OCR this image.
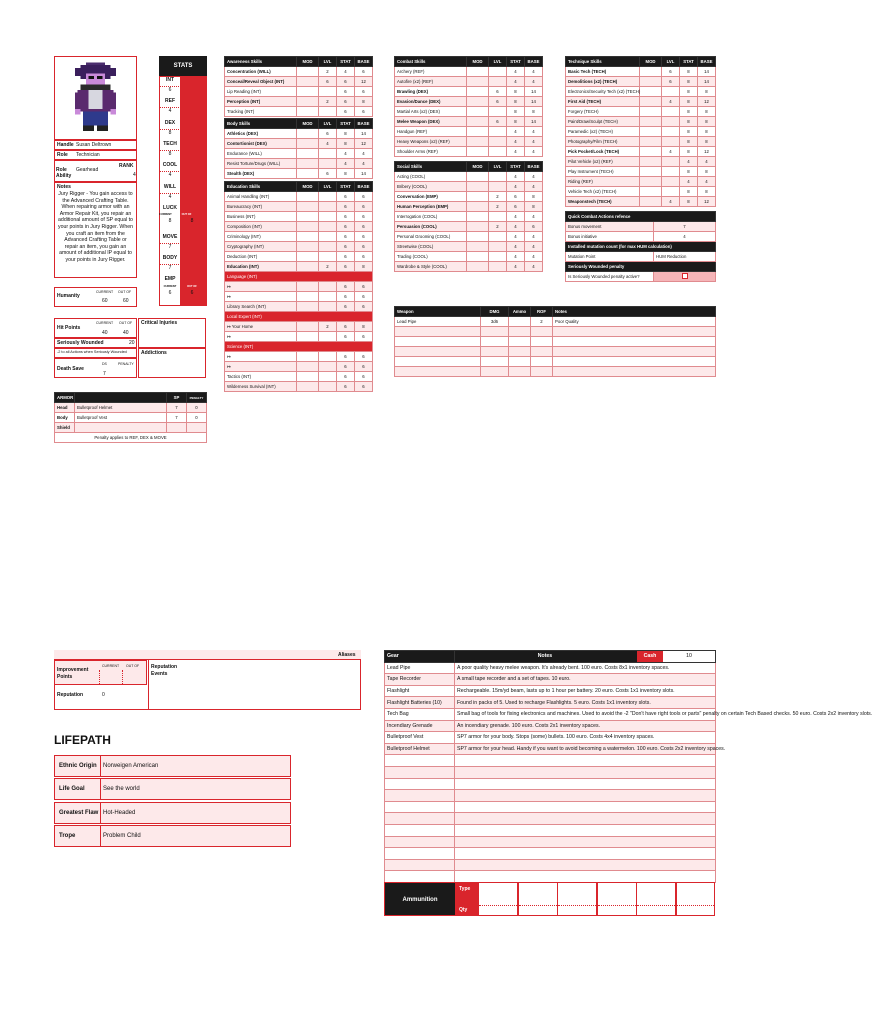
Handle Susan Deltrown
Role	Technician
Role Ability
Gearhead
RANK
4
Notes
Jury Rigger - You gain access to the Advanced Crafting Table. When repairing armor with an Armor Repair Kit, you repair an additional amount of SP equal to your points in Jury Rigger. When you craft an item from the Advanced Crafting Table or repair an item, you gain an amount of additional IP equal to your points in Jury Rigger.
Humanity
CURRENT OUT OF
60	60
Hit Points
CURRENT OUT OF
40	40
Seriously Wounded	20
-2 to all Actions when Seriously Wounded
Death Save
DS	PENALTY
7
Critical Injuries
Addictions
ARMOR		SP	PENALTY
Head	Bulletproof Helmet	7	0
Body	Bulletproof Vest	7	0
Shield			
Penalty applies to REF, DEX & MOVE			
STATS
INT
6
REF
4
DEX
8
TECH
8
COOL
4
WILL
4
LUCK
CURRENT	OUT OF
8	8
MOVE
7
BODY
7
EMP
CURRENT	OUT OF
6	6
Awareness Skills	MOD	LVL	STAT	BASE
Concentration (WILL)		2	4	6
Conceal/Reveal Object (INT)		6	6	12
Lip Reading (INT)			6	6
Perception (INT)		2	6	8
Tracking (INT)			6	6
Body Skills	MOD	LVL	STAT	BASE
Athletics (DEX)		6	8	14
Contortionist (DEX)		4	8	12
Endurance (WILL)			4	4
Resist Torture/Drugs (WILL)			4	4
Stealth (DEX)		6	8	14
Education Skills	MOD	LVL	STAT	BASE
Animal Handling (INT)			6	6
Bureaucracy (INT)			6	6
Business (INT)			6	6
Composition (INT)			6	6
Criminology (INT)			6	6
Cryptography (INT)			6	6
Deduction (INT)			6	6
Education (INT)		2	6	8
Language (INT)				
↦			6	6
↦			6	6
Library Search (INT)			6	6
Local Expert (INT)				
↦ Your Home		2	6	8
↦			6	6
Science (INT)				
↦			6	6
↦			6	6
Tactics (INT)			6	6
Wilderness Survival (INT)			6	6
Combat Skills	MOD	LVL	STAT	BASE
Archery (REF)			4	4
Autofire (x2) (REF)			4	4
Brawling (DEX)		6	8	14
Evasion/Dance (DEX)		6	8	14
Martial Arts (x2) (DEX)			8	8
Melee Weapon (DEX)		6	8	14
Handgun (REF)			4	4
Heavy Weapons (x2) (REF)			4	4
Shoulder Arms (REF)			4	4
Social Skills	MOD	LVL	STAT	BASE
Acting (COOL)			4	4
Bribery (COOL)			4	4
Conversation (EMP)		2	6	8
Human Perception (EMP)		2	6	8
Interrogation (COOL)			4	4
Persuasion (COOL)		2	4	6
Personal Grooming (COOL)			4	4
Streetwise (COOL)			4	4
Trading (COOL)			4	4
Wardrobe & Style (COOL)			4	4
Technique Skills	MOD	LVL	STAT	BASE
Basic Tech (TECH)		6	8	14
Demolitions (x2) (TECH)		6	8	14
Electronics/Security Tech (x2) (TECH)			8	8
First Aid (TECH)		4	8	12
Forgery (TECH)			8	8
Paint/Draw/Sculpt (TECH)			8	8
Paramedic (x2) (TECH)			8	8
Photography/Film (TECH)			8	8
Pick Pocket/Lock (TECH)		4	8	12
Pilot Vehicle (x2) (REF)			4	4
Play Instrument (TECH)			8	8
Riding (REF)			4	4
Vehicle Tech (x2) (TECH)			8	8
Weaponstech (TECH)		4	8	12
Quick Combat Actions refence	
Bonus movement	7
Bonus initiative	4
Installed mutation count (for max HUM calculation)	
Mutation Point	HUM Reduction
Seriously Wounded penalty	
Is Seriously Wounded penalty active?	
Weapon	DMG	Ammo	ROF	Notes
Lead Pipe	3d6		2	Poor Quality

Aliases
Improvement Points
CURRENT OUT OF Reputation Events
Reputation	0
LIFEPATH
Ethnic Origin Norweigen American
Life Goal	See the world
Greatest Flaw Hot-Headed
Trope	Problem Child
Gear	Notes Cash 10

Lead Pipe	A poor quality heavy melee weapon. It's already bent. 100 euro. Costs 8x1 inventory spaces.
Tape Recorder	A small tape recorder and a set of tapes. 10 euro.
Flashlight	Rechargeable. 15m/yd beam, lasts up to 1 hour per battery. 20 euro. Costs 1x1 inventory slots.
Flashlight Batteries (10)	Found in packs of 5. Used to recharge Flashlights. 5 euro. Costs 1x1 inventory slots.
Tech Bag	Small bag of tools for fixing electronics and machines. Used to avoid the -2 "Don't have right tools or parts" penalty on certain Tech Based checks. 50 euro. Costs 2x2 inventory slots.
Incendiary Grenade	An incendiary grenade. 100 euro. Costs 2x1 inventory spaces.
Bulletproof Vest	SP7 armor for your body. Stops (some) bullets. 100 euro. Costs 4x4 inventory spaces.
Bulletproof Helmet	SP7 armor for your head. Handy if you want to avoid becoming a watermelon. 100 euro. Costs 2x2 inventory spaces.

Ammunition
Type
Qty
